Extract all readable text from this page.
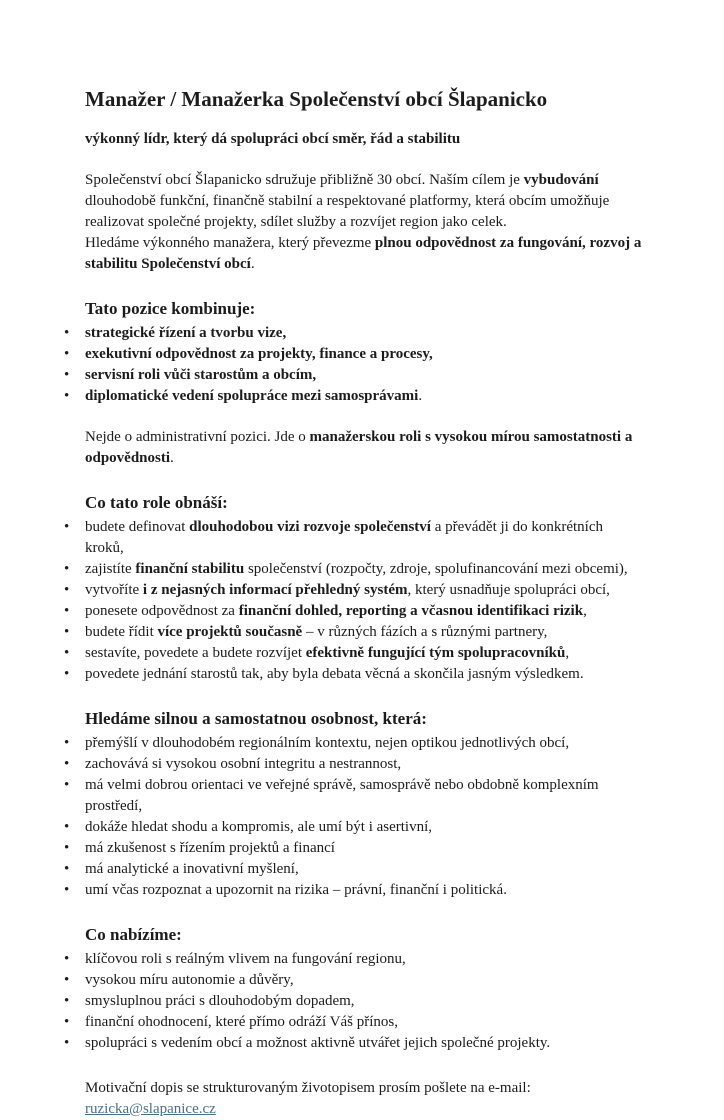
Manažer / Manažerka Společenství obcí Šlapanicko

výkonný lídr, který dá spolupráci obcí směr, řád a stabilitu

Společenství obcí Šlapanicko sdružuje přibližně 30 obcí. Naším cílem je vybudování dlouhodobě funkční, finančně stabilní a respektované platformy, která obcím umožňuje realizovat společné projekty, sdílet služby a rozvíjet region jako celek.

Hledáme výkonného manažera, který převezme plnou odpovědnost za fungování, rozvoj a stabilitu Společenství obcí.

Tato pozice kombinuje:
• strategické řízení a tvorbu vize,
• exekutivní odpovědnost za projekty, finance a procesy,
• servisní roli vůči starostům a obcím,
• diplomatické vedení spolupráce mezi samosprávami.

Nejde o administrativní pozici. Jde o manažerskou roli s vysokou mírou samostatnosti a odpovědnosti.

Co tato role obnáší:
• budete definovat dlouhodobou vizi rozvoje společenství a převádět ji do konkrétních kroků,
• zajistíte finanční stabilitu společenství (rozpočty, zdroje, spolufinancování mezi obcemi),
• vytvoříte i z nejasných informací přehledný systém, který usnadňuje spolupráci obcí,
• ponesete odpovědnost za finanční dohled, reporting a včasnou identifikaci rizik,
• budete řídit více projektů současně – v různých fázích a s různými partnery,
• sestavíte, povedete a budete rozvíjet efektivně fungující tým spolupracovníků,
• povedete jednání starostů tak, aby byla debata věcná a skončila jasným výsledkem.
Hledáme silnou a samostatnou osobnost, která:
• přemýšlí v dlouhodobém regionálním kontextu, nejen optikou jednotlivých obcí,
• zachovává si vysokou osobní integritu a nestrannost,
• má velmi dobrou orientaci ve veřejné správě, samosprávě nebo obdobně komplexním prostředí,
• dokáže hledat shodu a kompromis, ale umí být i asertivní,
• má zkušenost s řízením projektů a financí
• má analytické a inovativní myšlení,
• umí včas rozpoznat a upozornit na rizika – právní, finanční i politická.
Co nabízíme:
• klíčovou roli s reálným vlivem na fungování regionu,
• vysokou míru autonomie a důvěry,
• smysluplnou práci s dlouhodobým dopadem,
• finanční ohodnocení, které přímo odráží Váš přínos,
• spolupráci s vedením obcí a možnost aktivně utvářet jejich společné projekty.

Motivační dopis se strukturovaným životopisem prosím pošlete na e-mail:

ruzicka@slapanice.cz
